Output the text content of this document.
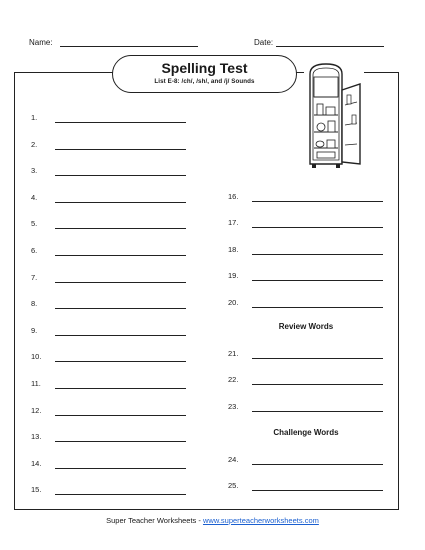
Name:	Date:
Spelling Test
List E-8: /ch/, /sh/, and /j/ Sounds
1.
2.
3.
4.
5.
6.
7.
8.
9.
10.
11.
12.
13.
14.
15.
16.
17.
18.
19.
20.
21.
22.
23.
24.
25.
Review Words
Challenge Words
Super Teacher Worksheets - www.superteacherworksheets.com
